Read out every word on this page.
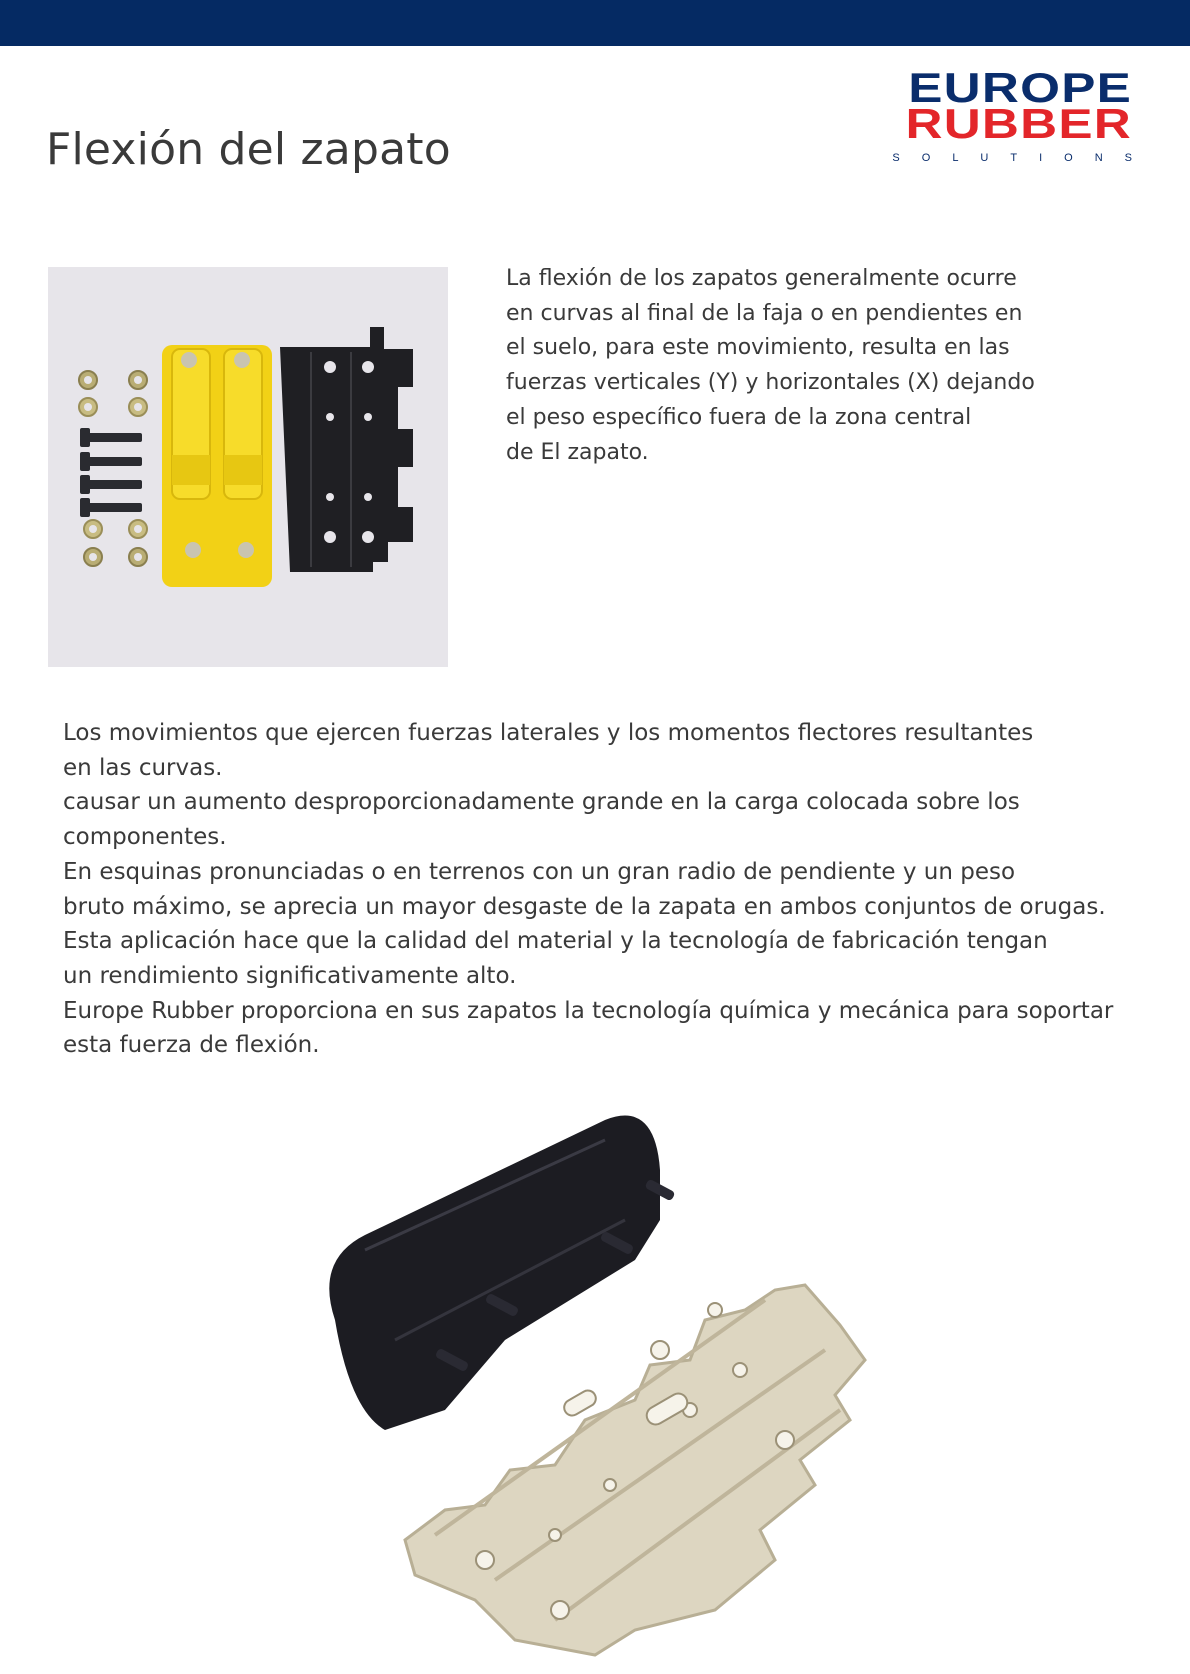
Flexión del zapato
EUROPE
RUBBER
SOLUTIONS

La flexión de los zapatos generalmente ocurre
en curvas al final de la faja o en pendientes en
el suelo, para este movimiento, resulta en las
fuerzas verticales (Y) y horizontales (X) dejando
el peso específico fuera de la zona central
de El zapato.

Los movimientos que ejercen fuerzas laterales y los momentos flectores resultantes

en las curvas.

causar un aumento desproporcionadamente grande en la carga colocada sobre los

componentes.

En esquinas pronunciadas o en terrenos con un gran radio de pendiente y un peso

bruto máximo, se aprecia un mayor desgaste de la zapata en ambos conjuntos de orugas.

Esta aplicación hace que la calidad del material y la tecnología de fabricación tengan

un rendimiento significativamente alto.

Europe Rubber proporciona en sus zapatos la tecnología química y mecánica para soportar

esta fuerza de flexión.
